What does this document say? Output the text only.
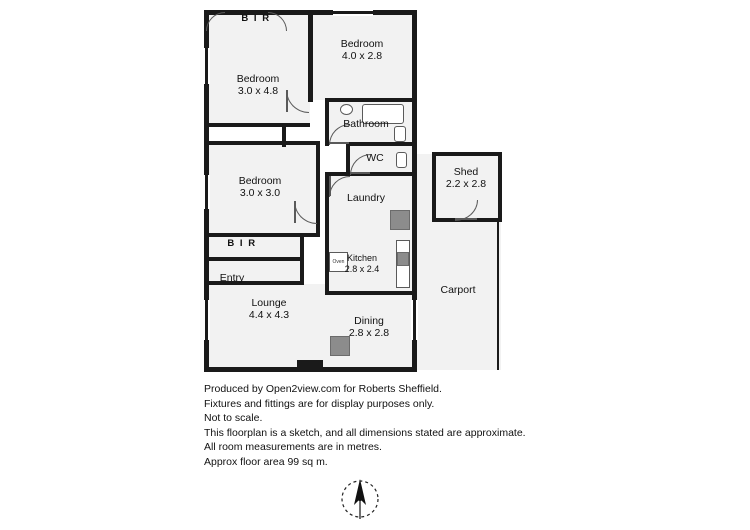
Oven
B I R
Bedroom
3.0 x 4.8
Bedroom
4.0 x 2.8
Bathroom
WC
Bedroom
3.0 x 3.0	Laundry
Shed
2.2 x 2.8
B I R
Entry
Kitchen
2.8 x 2.4
Lounge
4.4 x 4.3	Dining
2.8 x 2.8
Carport
Produced by Open2view.com for Roberts Sheffield.
Fixtures and fittings are for display purposes only.
Not to scale.
This floorplan is a sketch, and all dimensions stated are approximate.
All room measurements are in metres.
Approx floor area 99 sq m.
